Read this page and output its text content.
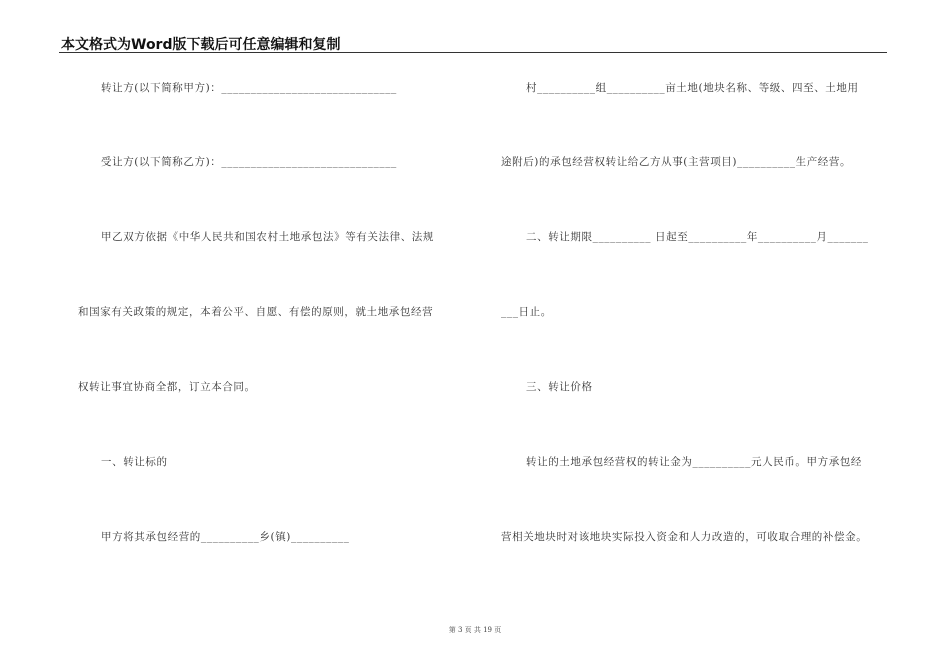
本文格式为Word版下载后可任意编辑和复制
转让方(以下简称甲方)：______________________________
受让方(以下简称乙方)：______________________________
甲乙双方依据《中华人民共和国农村土地承包法》等有关法律、法规
和国家有关政策的规定，本着公平、自愿、有偿的原则，就土地承包经营
权转让事宜协商全都，订立本合同。
一、转让标的
甲方将其承包经营的__________乡(镇)__________
村__________组__________亩土地(地块名称、等级、四至、土地用
途附后)的承包经营权转让给乙方从事(主营项目)__________生产经营。
二、转让期限__________ 日起至__________年__________月_______
___日止。
三、转让价格
转让的土地承包经营权的转让金为__________元人民币。甲方承包经
营相关地块时对该地块实际投入资金和人力改造的，可收取合理的补偿金。
第 3 页 共 19 页
